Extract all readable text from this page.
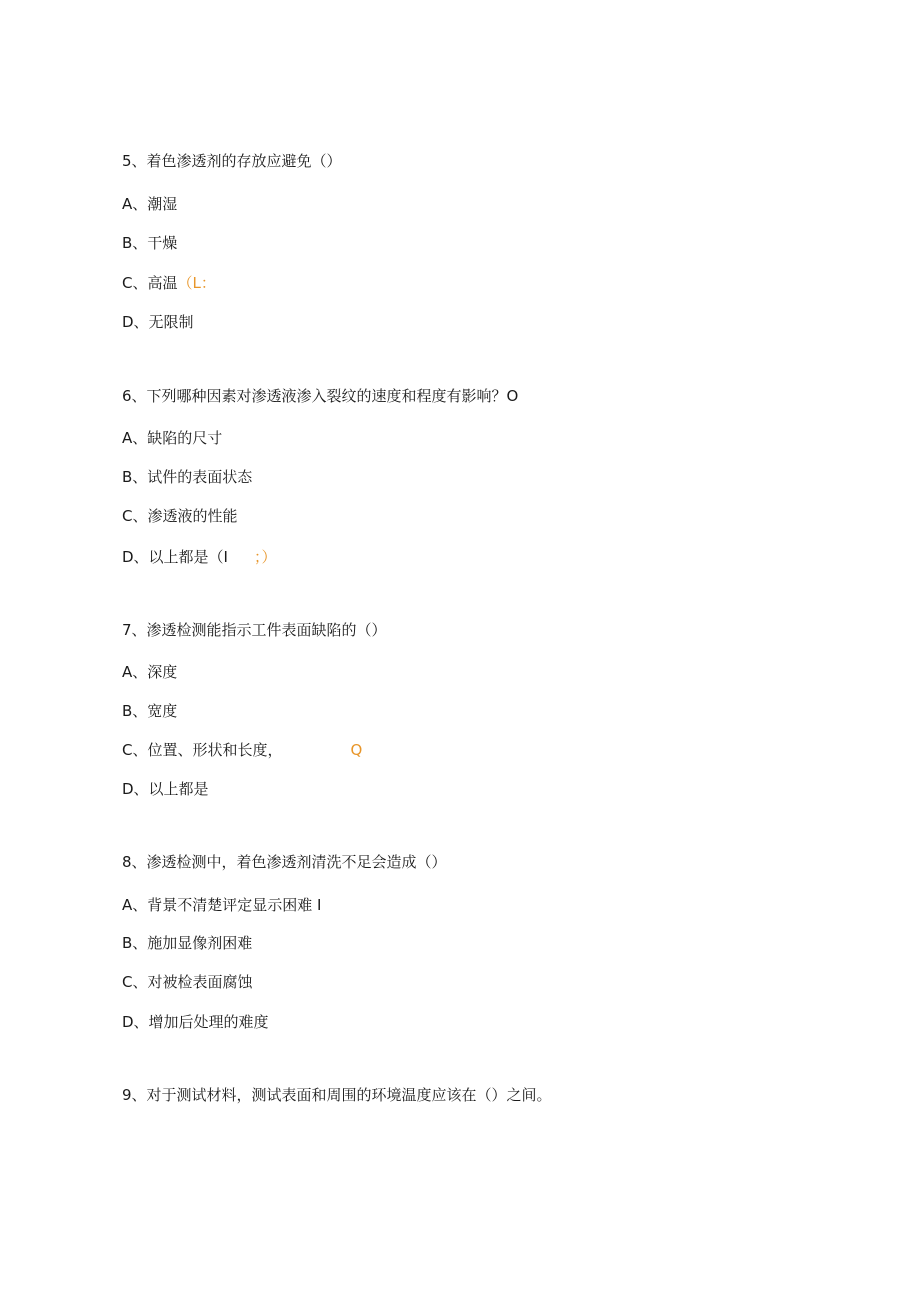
5、着色渗透剂的存放应避免（）
A、潮湿
B、干燥
C、高温（L：
D、无限制
6、下列哪种因素对渗透液渗入裂纹的速度和程度有影响？O
A、缺陷的尺寸
B、试件的表面状态
C、渗透液的性能
D、以上都是（I ；）
7、渗透检测能指示工件表面缺陷的（）
A、深度
B、宽度
C、位置、形状和长度，	Q
D、以上都是
8、渗透检测中，着色渗透剂清洗不足会造成（）
A、背景不清楚评定显示困难 I
B、施加显像剂困难
C、对被检表面腐蚀
D、增加后处理的难度
9、对于测试材料，测试表面和周围的环境温度应该在（）之间。
